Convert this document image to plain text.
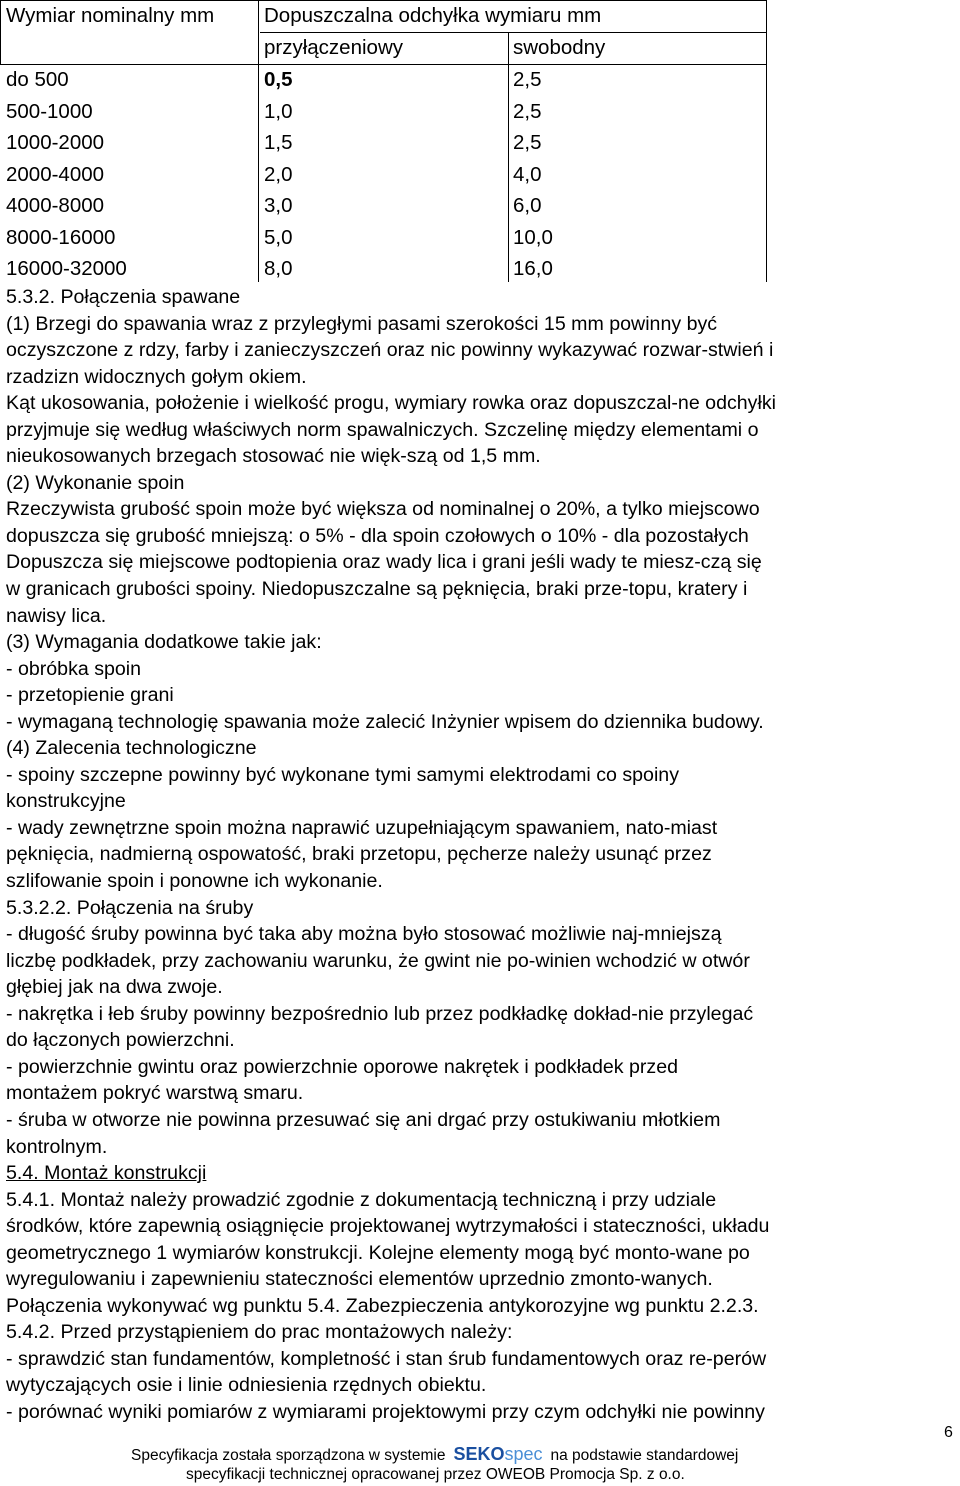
Wymiar nominalny mm Dopuszczalna odchyłka wymiaru mm
przyłączeniowy	swobodny
do 500	0,5	2,5
500-1000	1,0	2,5
1000-2000	1,5	2,5
2000-4000	2,0	4,0
4000-8000	3,0	6,0
8000-16000	5,0	10,0
16000-32000	8,0	16,0
5.3.2. Połączenia spawane
(1) Brzegi do spawania wraz z przyległymi pasami szerokości 15 mm powinny być
oczyszczone z rdzy, farby i zanieczyszczeń oraz nic powinny wykazywać rozwar-stwień i
rzadzizn widocznych gołym okiem.
Kąt ukosowania, położenie i wielkość progu, wymiary rowka oraz dopuszczal-ne odchyłki
przyjmuje się według właściwych norm spawalniczych. Szczelinę między elementami o
nieukosowanych brzegach stosować nie więk-szą od 1,5 mm.
(2) Wykonanie spoin
Rzeczywista grubość spoin może być większa od nominalnej o 20%, a tylko miejscowo
dopuszcza się grubość mniejszą: o 5% - dla spoin czołowych o 10% - dla pozostałych
Dopuszcza się miejscowe podtopienia oraz wady lica i grani jeśli wady te miesz-czą się
w granicach grubości spoiny. Niedopuszczalne są pęknięcia, braki prze-topu, kratery i
nawisy lica.
(3) Wymagania dodatkowe takie jak:
- obróbka spoin
- przetopienie grani
- wymaganą technologię spawania może zalecić Inżynier wpisem do dziennika budowy.
(4) Zalecenia technologiczne
- spoiny szczepne powinny być wykonane tymi samymi elektrodami co spoiny
konstrukcyjne
- wady zewnętrzne spoin można naprawić uzupełniającym spawaniem, nato-miast
pęknięcia, nadmierną ospowatość, braki przetopu, pęcherze należy usunąć przez
szlifowanie spoin i ponowne ich wykonanie.
5.3.2.2. Połączenia na śruby
- długość śruby powinna być taka aby można było stosować możliwie naj-mniejszą
liczbę podkładek, przy zachowaniu warunku, że gwint nie po-winien wchodzić w otwór
głębiej jak na dwa zwoje.
- nakrętka i łeb śruby powinny bezpośrednio lub przez podkładkę dokład-nie przylegać
do łączonych powierzchni.
- powierzchnie gwintu oraz powierzchnie oporowe nakrętek i podkładek przed
montażem pokryć warstwą smaru.
- śruba w otworze nie powinna przesuwać się ani drgać przy ostukiwaniu młotkiem
kontrolnym.
5.4. Montaż konstrukcji
5.4.1. Montaż należy prowadzić zgodnie z dokumentacją techniczną i przy udziale
środków, które zapewnią osiągnięcie projektowanej wytrzymałości i stateczności, układu
geometrycznego 1 wymiarów konstrukcji. Kolejne elementy mogą być monto-wane po
wyregulowaniu i zapewnieniu stateczności elementów uprzednio zmonto-wanych.
Połączenia wykonywać wg punktu 5.4. Zabezpieczenia antykorozyjne wg punktu 2.2.3.
5.4.2. Przed przystąpieniem do prac montażowych należy:
- sprawdzić stan fundamentów, kompletność i stan śrub fundamentowych oraz re-perów
wytyczających osie i linie odniesienia rzędnych obiektu.
- porównać wyniki pomiarów z wymiarami projektowymi przy czym odchyłki nie powinny
Specyfikacja została sporządzona w systemie SEKOspec na podstawie standardowej
specyfikacji technicznej opracowanej przez OWEOB Promocja Sp. z o.o.
6
